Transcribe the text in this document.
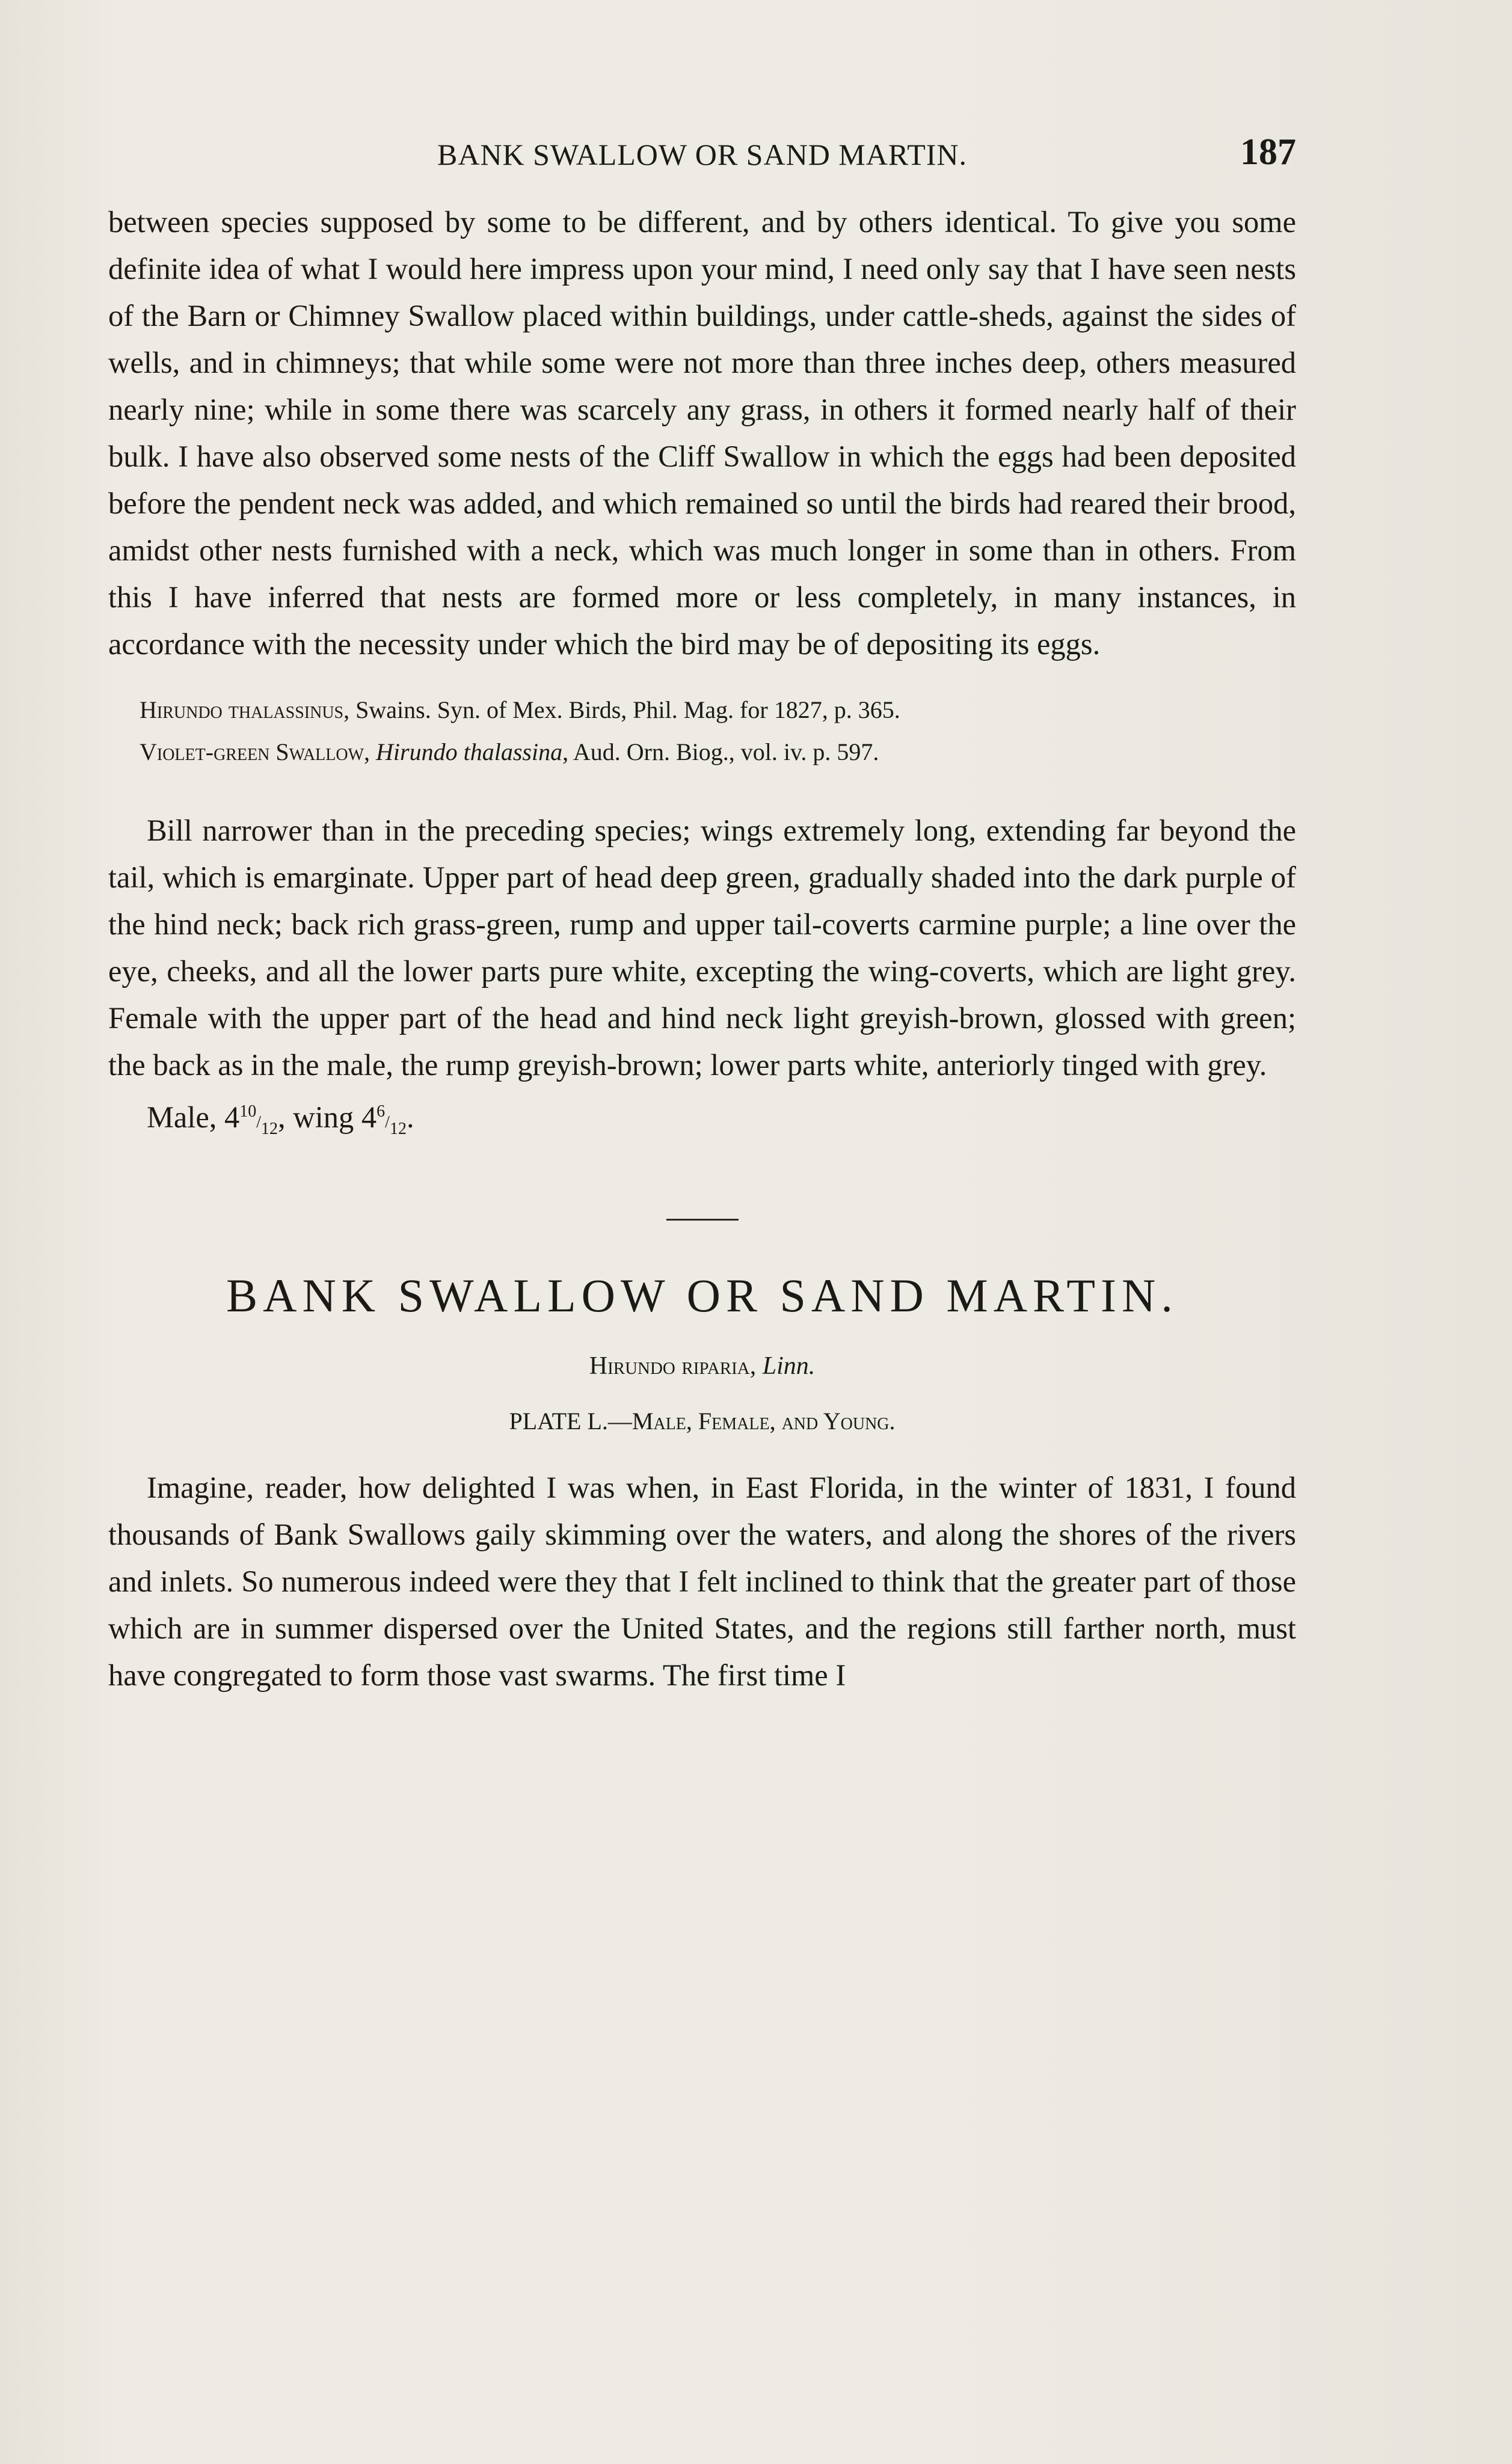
BANK SWALLOW OR SAND MARTIN.	187

between species supposed by some to be different, and by others identical. To give you some definite idea of what I would here impress upon your mind, I need only say that I have seen nests of the Barn or Chimney Swallow placed within buildings, under cattle-sheds, against the sides of wells, and in chimneys; that while some were not more than three inches deep, others measured nearly nine; while in some there was scarcely any grass, in others it formed nearly half of their bulk. I have also observed some nests of the Cliff Swallow in which the eggs had been deposited before the pendent neck was added, and which remained so until the birds had reared their brood, amidst other nests furnished with a neck, which was much longer in some than in others. From this I have inferred that nests are formed more or less completely, in many instances, in accordance with the necessity under which the bird may be of depositing its eggs.

Hirundo thalassinus, Swains. Syn. of Mex. Birds, Phil. Mag. for 1827, p. 365.

Violet-green Swallow, Hirundo thalassina, Aud. Orn. Biog., vol. iv. p. 597.

Bill narrower than in the preceding species; wings extremely long, extending far beyond the tail, which is emarginate. Upper part of head deep green, gradually shaded into the dark purple of the hind neck; back rich grass-green, rump and upper tail-coverts carmine purple; a line over the eye, cheeks, and all the lower parts pure white, excepting the wing-coverts, which are light grey. Female with the upper part of the head and hind neck light greyish-brown, glossed with green; the back as in the male, the rump greyish-brown; lower parts white, anteriorly tinged with grey.

Male, $4^{10}/_{12}$, wing $4^6/_{12}$.

BANK SWALLOW OR SAND MARTIN.

Hirundo riparia, Linn.

PLATE L.—Male, Female, and Young.

Imagine, reader, how delighted I was when, in East Florida, in the winter of 1831, I found thousands of Bank Swallows gaily skimming over the waters, and along the shores of the rivers and inlets. So numerous indeed were they that I felt inclined to think that the greater part of those which are in summer dispersed over the United States, and the regions still farther north, must have congregated to form those vast swarms. The first time I
